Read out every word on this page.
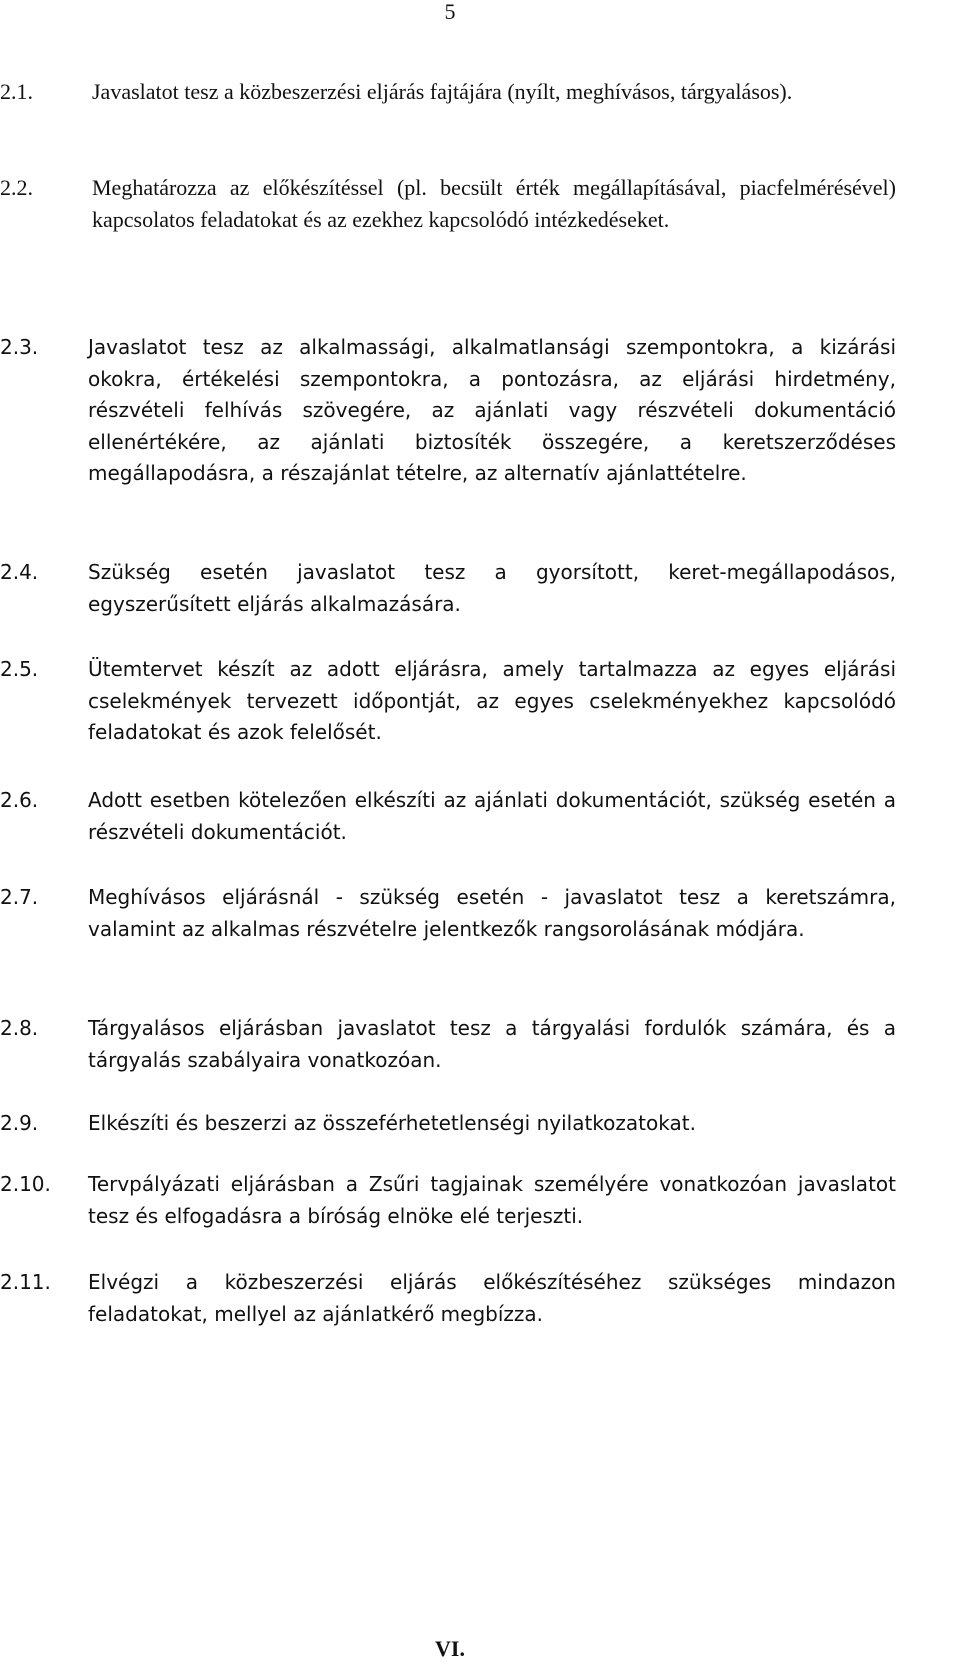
5
2.1.	Javaslatot tesz a közbeszerzési eljárás fajtájára (nyílt, meghívásos, tárgyalásos).
2.2.	Meghatározza az előkészítéssel (pl. becsült érték megállapításával, piacfelmérésével) kapcsolatos feladatokat és az ezekhez kapcsolódó intézkedéseket.
2.3. Javaslatot tesz az alkalmassági, alkalmatlansági szempontokra, a kizárási okokra, értékelési szempontokra, a pontozásra, az eljárási hirdetmény, részvételi felhívás szövegére, az ajánlati vagy részvételi dokumentáció ellenértékére, az ajánlati biztosíték összegére, a keretszerződéses megállapodásra, a részajánlat tételre, az alternatív ajánlattételre.
2.4. Szükség esetén javaslatot tesz a gyorsított, keret-megállapodásos, egyszerűsített eljárás alkalmazására.
2.5. Ütemtervet készít az adott eljárásra, amely tartalmazza az egyes eljárási cselekmények tervezett időpontját, az egyes cselekményekhez kapcsolódó feladatokat és azok felelősét.
2.6. Adott esetben kötelezően elkészíti az ajánlati dokumentációt, szükség esetén a részvételi dokumentációt.
2.7. Meghívásos eljárásnál - szükség esetén - javaslatot tesz a keretszámra, valamint az alkalmas részvételre jelentkezők rangsorolásának módjára.
2.8. Tárgyalásos eljárásban javaslatot tesz a tárgyalási fordulók számára, és a tárgyalás szabályaira vonatkozóan.
2.9. Elkészíti és beszerzi az összeférhetetlenségi nyilatkozatokat.
2.10. Tervpályázati eljárásban a Zsűri tagjainak személyére vonatkozóan javaslatot tesz és elfogadásra a bíróság elnöke elé terjeszti.
2.11. Elvégzi a közbeszerzési eljárás előkészítéséhez szükséges mindazon feladatokat, mellyel az ajánlatkérő megbízza.
VI.
